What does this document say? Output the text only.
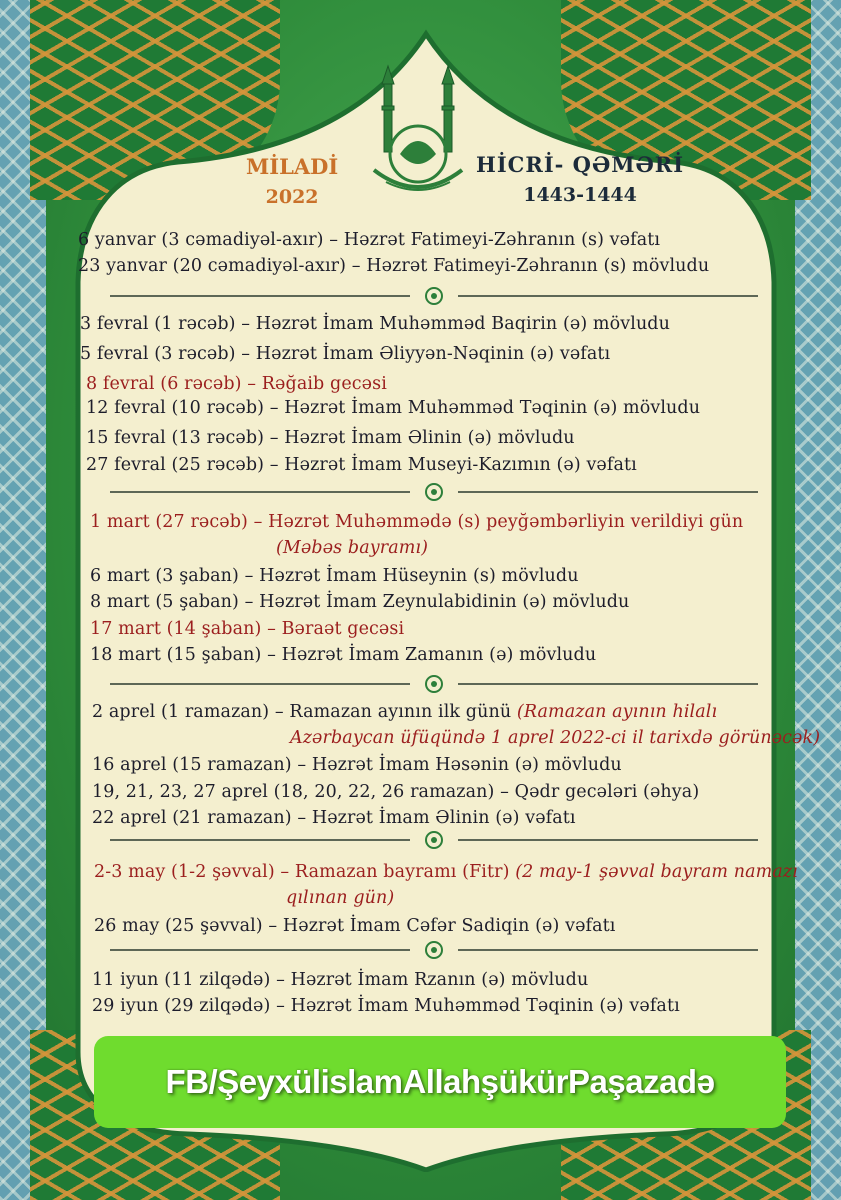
MİLADİ
2022
HİCRİ- QƏMƏRİ
1443-1444
6 yanvar (3 cəmadiyəl-axır) – Həzrət Fatimeyi-Zəhranın (s) vəfatı
23 yanvar (20 cəmadiyəl-axır) – Həzrət Fatimeyi-Zəhranın (s) mövludu
3 fevral (1 rəcəb) – Həzrət İmam Muhəmməd Baqirin (ə) mövludu
5 fevral (3 rəcəb) – Həzrət İmam Əliyyən-Nəqinin (ə) vəfatı
8 fevral (6 rəcəb) – Rəğaib gecəsi
12 fevral (10 rəcəb) – Həzrət İmam Muhəmməd Təqinin (ə) mövludu
15 fevral (13 rəcəb) – Həzrət İmam Əlinin (ə) mövludu
27 fevral (25 rəcəb) – Həzrət İmam Museyi-Kazımın (ə) vəfatı
1 mart (27 rəcəb) – Həzrət Muhəmmədə (s) peyğəmbərliyin verildiyi gün
(Məbəs bayramı)
6 mart (3 şaban) – Həzrət İmam Hüseynin (s) mövludu
8 mart (5 şaban) – Həzrət İmam Zeynulabidinin (ə) mövludu
17 mart (14 şaban) – Bəraət gecəsi
18 mart (15 şaban) – Həzrət İmam Zamanın (ə) mövludu
2 aprel (1 ramazan) – Ramazan ayının ilk günü (Ramazan ayının hilalı
Azərbaycan üfüqündə 1 aprel 2022-ci il tarixdə görünəcək)
16 aprel (15 ramazan) – Həzrət İmam Həsənin (ə) mövludu
19, 21, 23, 27 aprel (18, 20, 22, 26 ramazan) – Qədr gecələri (əhya)
22 aprel (21 ramazan) – Həzrət İmam Əlinin (ə) vəfatı
2-3 may (1-2 şəvval) – Ramazan bayramı (Fitr) (2 may-1 şəvval bayram namazı
qılınan gün)
26 may (25 şəvval) – Həzrət İmam Cəfər Sadiqin (ə) vəfatı
11 iyun (11 zilqədə) – Həzrət İmam Rzanın (ə) mövludu
29 iyun (29 zilqədə) – Həzrət İmam Muhəmməd Təqinin (ə) vəfatı
FB/ŞeyxülislamAllahşükürPaşazadə
